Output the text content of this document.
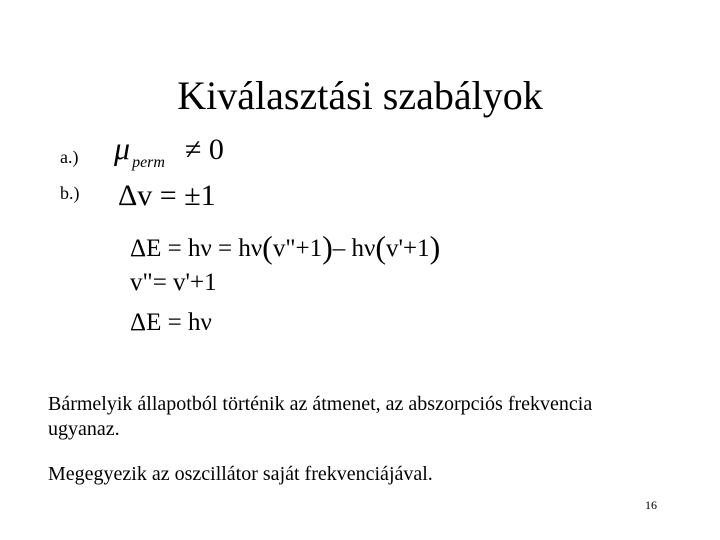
Kiválasztási szabályok
a.) μ $_{perm}$ ≠ 0
b.) Δv = ±1
ΔE = hν = hν(v"+1)– hν(v'+1)
v"= v'+1
ΔE = hν
Bármelyik állapotból történik az átmenet, az abszorpciós frekvencia ugyanaz.
Megegyezik az oszcillátor saját frekvenciájával.
16
